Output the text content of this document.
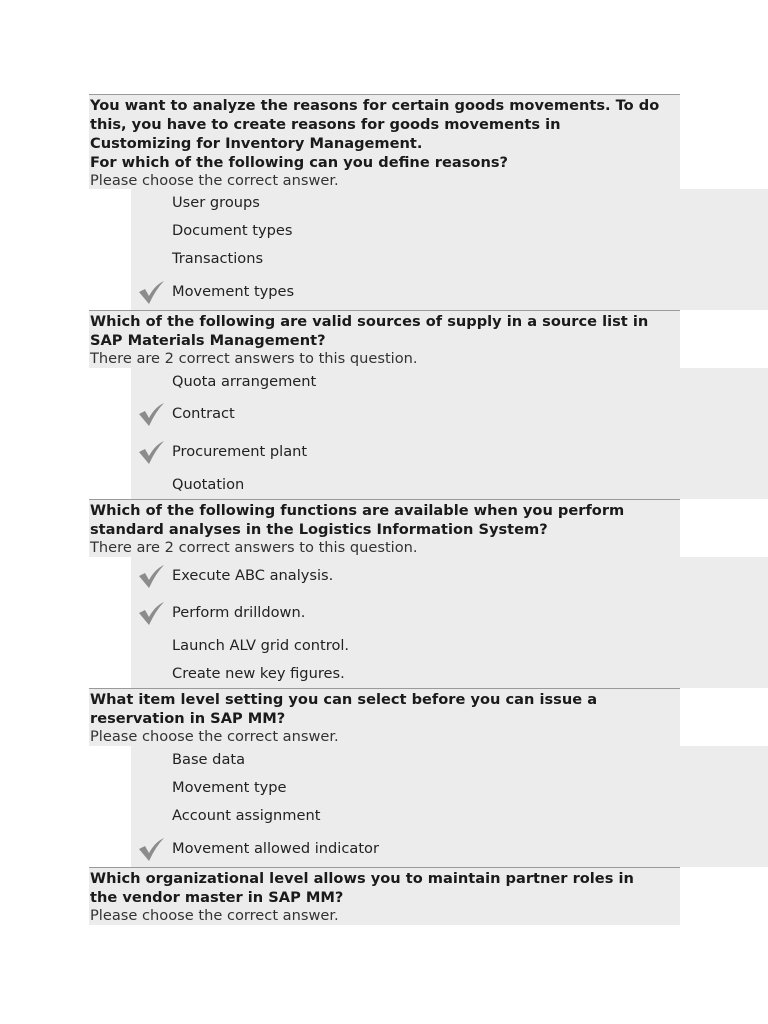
You want to analyze the reasons for certain goods movements. To do
this, you have to create reasons for goods movements in
Customizing for Inventory Management.
For which of the following can you define reasons?
Please choose the correct answer.
User groups
Document types
Transactions
Movement types
Which of the following are valid sources of supply in a source list in
SAP Materials Management?
There are 2 correct answers to this question.
Quota arrangement
Contract
Procurement plant
Quotation
Which of the following functions are available when you perform
standard analyses in the Logistics Information System?
There are 2 correct answers to this question.
Execute ABC analysis.
Perform drilldown.
Launch ALV grid control.
Create new key figures.
What item level setting you can select before you can issue a
reservation in SAP MM?
Please choose the correct answer.
Base data
Movement type
Account assignment
Movement allowed indicator
Which organizational level allows you to maintain partner roles in
the vendor master in SAP MM?
Please choose the correct answer.
